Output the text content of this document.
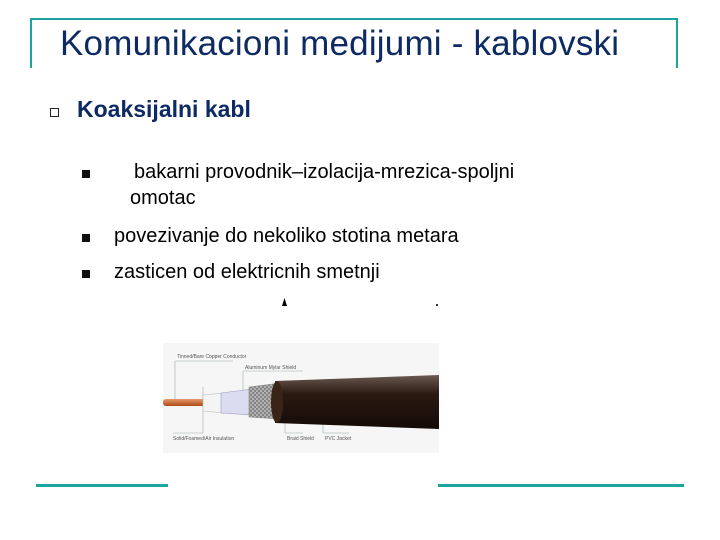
Komunikacioni medijumi - kablovski
Koaksijalni kabl
bakarni provodnik–izolacija-mrezica-spoljni
omotac
povezivanje do nekoliko stotina metara
zasticen od elektricnih smetnji
Tinned/Bare Copper Conductor
Aluminum Mylar Shield
Solid/Foamed/Air Insulation	Braid Shield PVC Jacket
